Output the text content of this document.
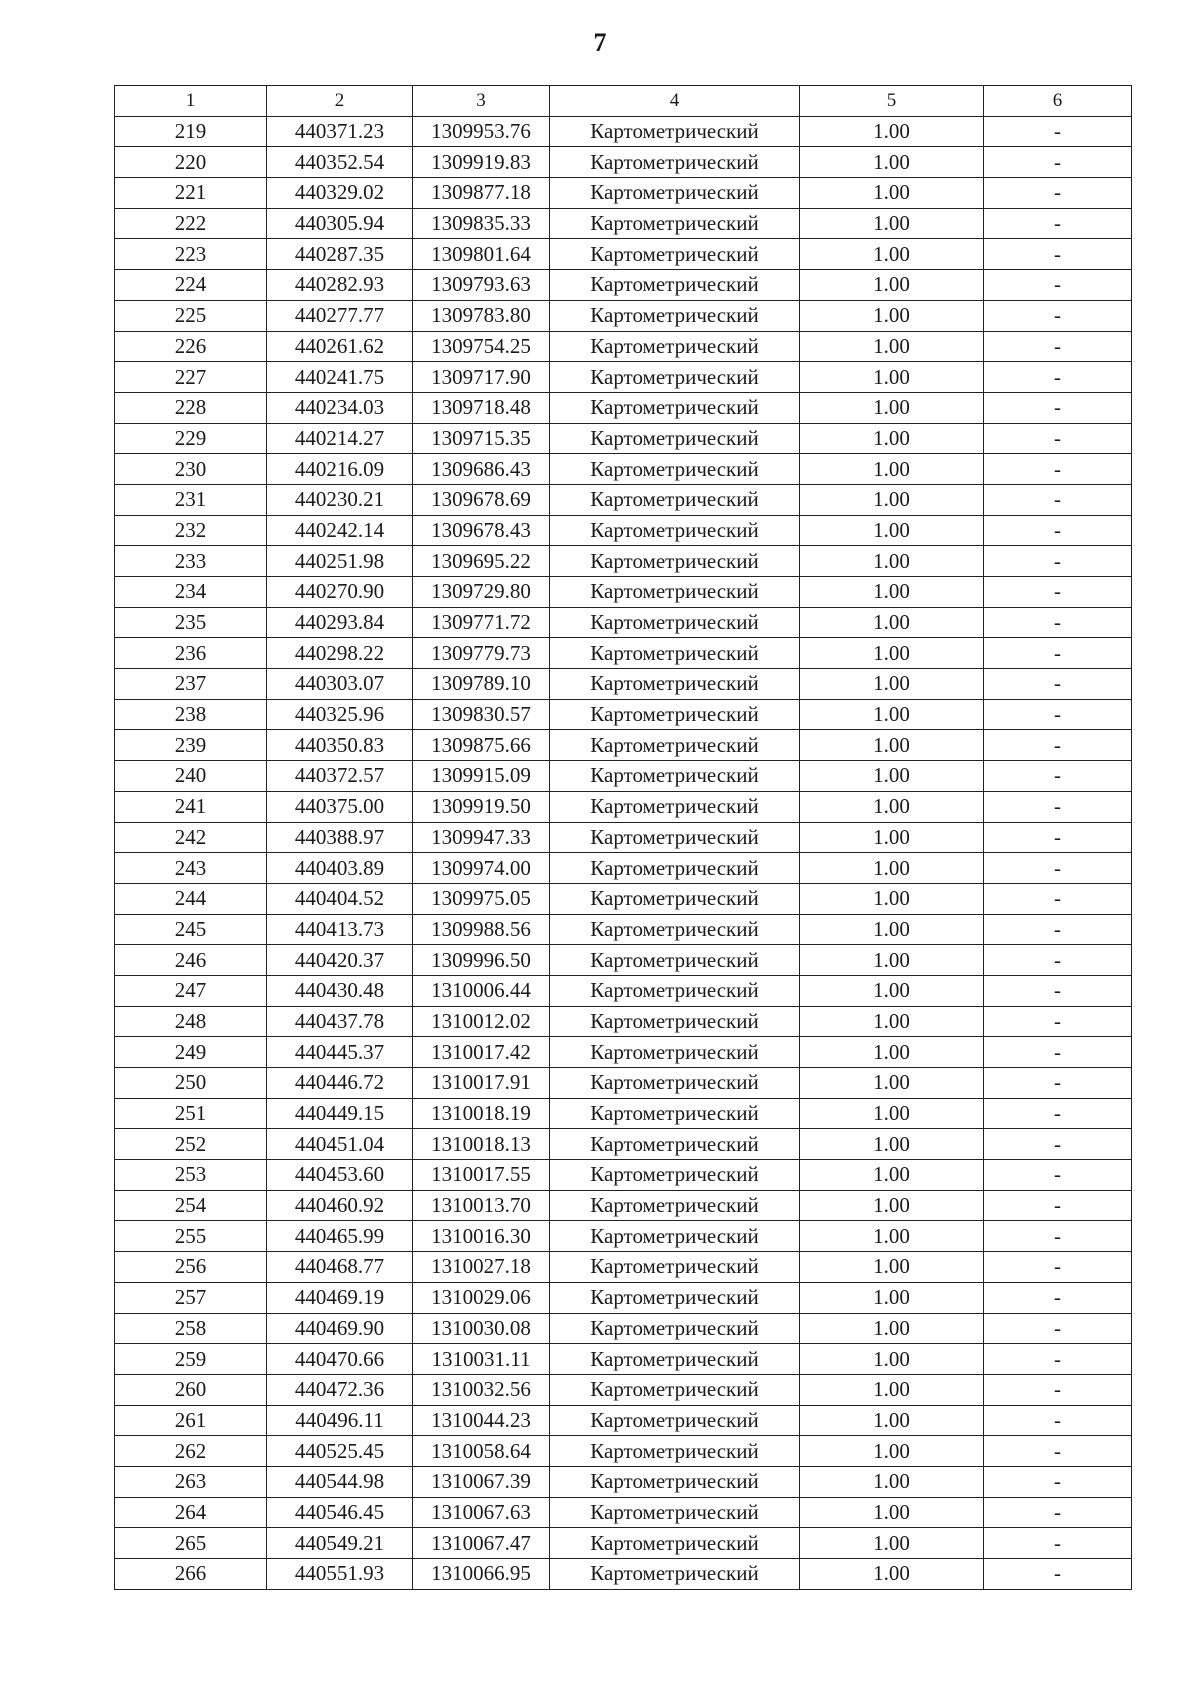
7
1	2	3	4	5	6
219	440371.23	1309953.76	Картометрический	1.00	-
220	440352.54	1309919.83	Картометрический	1.00	-
221	440329.02	1309877.18	Картометрический	1.00	-
222	440305.94	1309835.33	Картометрический	1.00	-
223	440287.35	1309801.64	Картометрический	1.00	-
224	440282.93	1309793.63	Картометрический	1.00	-
225	440277.77	1309783.80	Картометрический	1.00	-
226	440261.62	1309754.25	Картометрический	1.00	-
227	440241.75	1309717.90	Картометрический	1.00	-
228	440234.03	1309718.48	Картометрический	1.00	-
229	440214.27	1309715.35	Картометрический	1.00	-
230	440216.09	1309686.43	Картометрический	1.00	-
231	440230.21	1309678.69	Картометрический	1.00	-
232	440242.14	1309678.43	Картометрический	1.00	-
233	440251.98	1309695.22	Картометрический	1.00	-
234	440270.90	1309729.80	Картометрический	1.00	-
235	440293.84	1309771.72	Картометрический	1.00	-
236	440298.22	1309779.73	Картометрический	1.00	-
237	440303.07	1309789.10	Картометрический	1.00	-
238	440325.96	1309830.57	Картометрический	1.00	-
239	440350.83	1309875.66	Картометрический	1.00	-
240	440372.57	1309915.09	Картометрический	1.00	-
241	440375.00	1309919.50	Картометрический	1.00	-
242	440388.97	1309947.33	Картометрический	1.00	-
243	440403.89	1309974.00	Картометрический	1.00	-
244	440404.52	1309975.05	Картометрический	1.00	-
245	440413.73	1309988.56	Картометрический	1.00	-
246	440420.37	1309996.50	Картометрический	1.00	-
247	440430.48	1310006.44	Картометрический	1.00	-
248	440437.78	1310012.02	Картометрический	1.00	-
249	440445.37	1310017.42	Картометрический	1.00	-
250	440446.72	1310017.91	Картометрический	1.00	-
251	440449.15	1310018.19	Картометрический	1.00	-
252	440451.04	1310018.13	Картометрический	1.00	-
253	440453.60	1310017.55	Картометрический	1.00	-
254	440460.92	1310013.70	Картометрический	1.00	-
255	440465.99	1310016.30	Картометрический	1.00	-
256	440468.77	1310027.18	Картометрический	1.00	-
257	440469.19	1310029.06	Картометрический	1.00	-
258	440469.90	1310030.08	Картометрический	1.00	-
259	440470.66	1310031.11	Картометрический	1.00	-
260	440472.36	1310032.56	Картометрический	1.00	-
261	440496.11	1310044.23	Картометрический	1.00	-
262	440525.45	1310058.64	Картометрический	1.00	-
263	440544.98	1310067.39	Картометрический	1.00	-
264	440546.45	1310067.63	Картометрический	1.00	-
265	440549.21	1310067.47	Картометрический	1.00	-
266	440551.93	1310066.95	Картометрический	1.00	-
